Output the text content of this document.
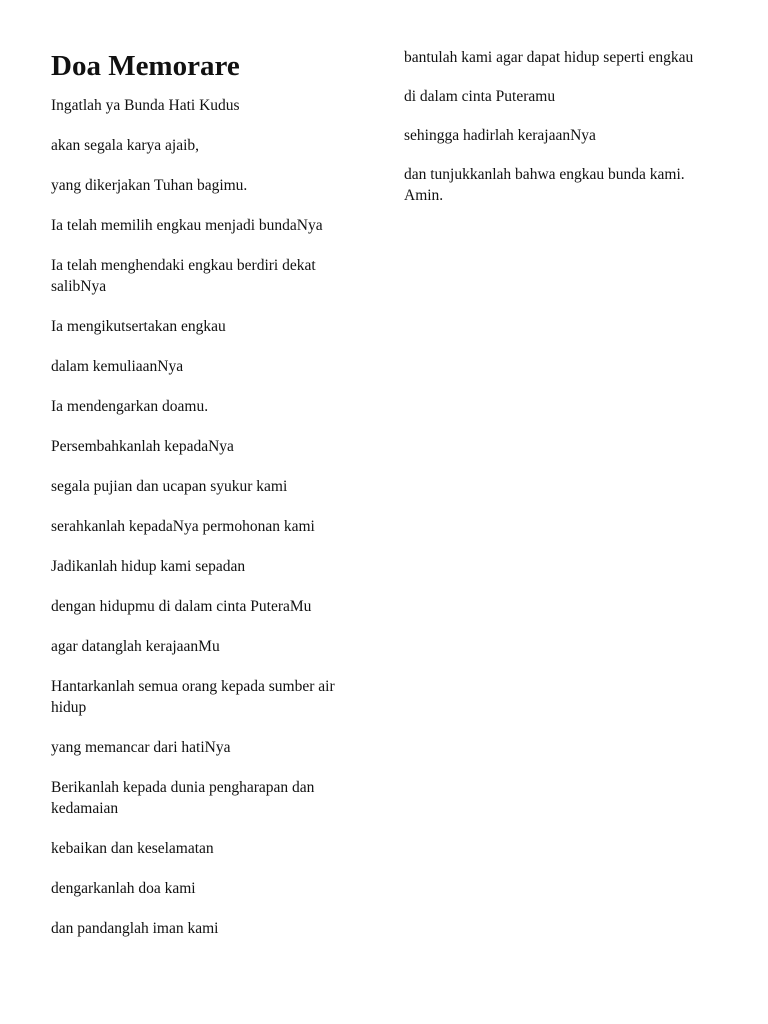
Doa Memorare

Ingatlah ya Bunda Hati Kudus

akan segala karya ajaib,

yang dikerjakan Tuhan bagimu.

Ia telah memilih engkau menjadi bundaNya

Ia telah menghendaki engkau berdiri dekat salibNya

Ia mengikutsertakan engkau

dalam kemuliaanNya

Ia mendengarkan doamu.

Persembahkanlah kepadaNya

segala pujian dan ucapan syukur kami

serahkanlah kepadaNya permohonan kami

Jadikanlah hidup kami sepadan

dengan hidupmu di dalam cinta PuteraMu

agar datanglah kerajaanMu

Hantarkanlah semua orang kepada sumber air hidup

yang memancar dari hatiNya

Berikanlah kepada dunia pengharapan dan kedamaian

kebaikan dan keselamatan

dengarkanlah doa kami

dan pandanglah iman kami

bantulah kami agar dapat hidup seperti engkau

di dalam cinta Puteramu

sehingga hadirlah kerajaanNya

dan tunjukkanlah bahwa engkau bunda kami. Amin.
